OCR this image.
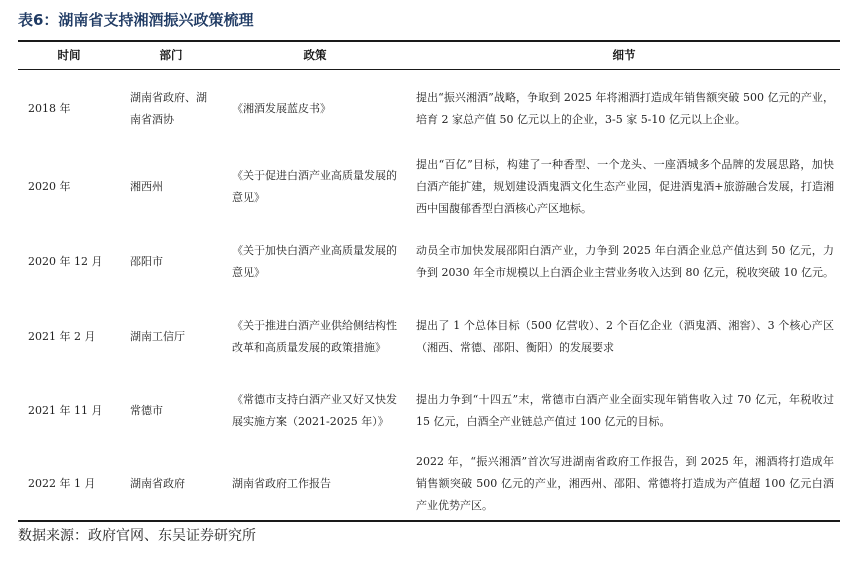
表6：湖南省支持湘酒振兴政策梳理
时间	部门	政策	细节
2018 年	湖南省政府、湖南省酒协	《湘酒发展蓝皮书》	提出“振兴湘酒”战略，争取到 2025 年将湘酒打造成年销售额突破 500 亿元的产业，培育 2 家总产值 50 亿元以上的企业，3-5 家 5-10 亿元以上企业。
2020 年	湘西州	《关于促进白酒产业高质量发展的意见》	提出“百亿”目标，构建了一种香型、一个龙头、一座酒城多个品牌的发展思路，加快白酒产能扩建，规划建设酒鬼酒文化生态产业园，促进酒鬼酒+旅游融合发展，打造湘西中国馥郁香型白酒核心产区地标。
2020 年 12 月	邵阳市	《关于加快白酒产业高质量发展的意见》	动员全市加快发展邵阳白酒产业，力争到 2025 年白酒企业总产值达到 50 亿元，力争到 2030 年全市规模以上白酒企业主营业务收入达到 80 亿元，税收突破 10 亿元。
2021 年 2 月	湖南工信厅	《关于推进白酒产业供给侧结构性改革和高质量发展的政策措施》	提出了 1 个总体目标（500 亿营收）、2 个百亿企业（酒鬼酒、湘窖）、3 个核心产区（湘西、常德、邵阳、衡阳）的发展要求
2021 年 11 月	常德市	《常德市支持白酒产业又好又快发展实施方案（2021-2025 年）》	提出力争到“十四五”末，常德市白酒产业全面实现年销售收入过 70 亿元，年税收过 15 亿元，白酒全产业链总产值过 100 亿元的目标。
2022 年 1 月	湖南省政府	湖南省政府工作报告	2022 年，“振兴湘酒”首次写进湖南省政府工作报告，到 2025 年，湘酒将打造成年销售额突破 500 亿元的产业，湘西州、邵阳、常德将打造成为产值超 100 亿元白酒产业优势产区。
数据来源：政府官网、东吴证券研究所
